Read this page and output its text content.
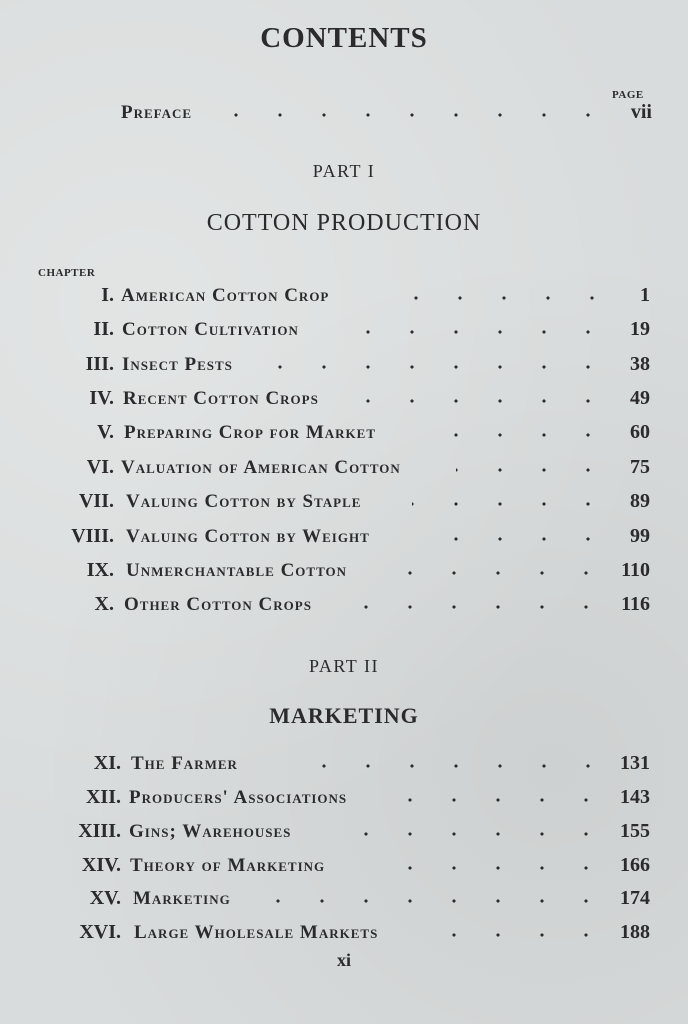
CONTENTS
PAGE
Preface	vii
PART I
COTTON PRODUCTION
CHAPTER
I. American Cotton Crop	1
II. Cotton Cultivation	19
III. Insect Pests	38
IV. Recent Cotton Crops	49
V. Preparing Crop for Market	60
VI. Valuation of American Cotton	75
VII. Valuing Cotton by Staple	89
VIII. Valuing Cotton by Weight	99
IX. Unmerchantable Cotton	110
X. Other Cotton Crops	116
PART II
MARKETING
XI. The Farmer	131
XII. Producers' Associations	143
XIII. Gins; Warehouses	155
XIV. Theory of Marketing	166
XV. Marketing	174
XVI. Large Wholesale Markets	188
xi
